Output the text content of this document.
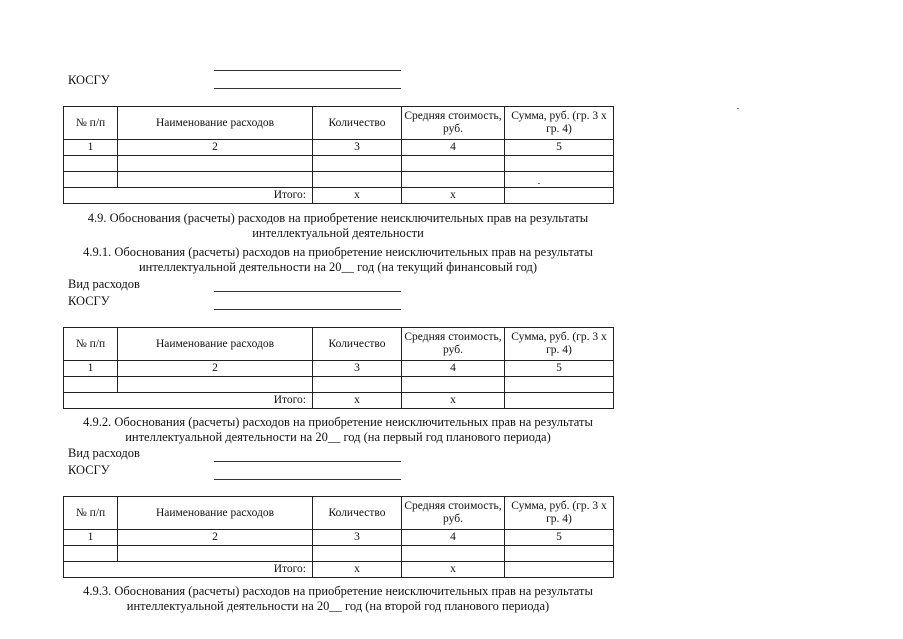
КОСГУ
№ п/п	Наименование расходов	Количество	Средняя стоимость, руб.	Сумма, руб. (гр. 3 х гр. 4)
1	2	3	4	5

Итого:		х	х	
4.9. Обоснования (расчеты) расходов на приобретение неисключительных прав на результаты интеллектуальной деятельности
4.9.1. Обоснования (расчеты) расходов на приобретение неисключительных прав на результаты интеллектуальной деятельности на 20__ год (на текущий финансовый год)
Вид расходов
КОСГУ
№ п/п	Наименование расходов	Количество	Средняя стоимость, руб.	Сумма, руб. (гр. 3 х гр. 4)
1	2	3	4	5

Итого:		х	х	
4.9.2. Обоснования (расчеты) расходов на приобретение неисключительных прав на результаты интеллектуальной деятельности на 20__ год (на первый год планового периода)
Вид расходов
КОСГУ
№ п/п	Наименование расходов	Количество	Средняя стоимость, руб.	Сумма, руб. (гр. 3 х гр. 4)
1	2	3	4	5

Итого:		х	х	
4.9.3. Обоснования (расчеты) расходов на приобретение неисключительных прав на результаты интеллектуальной деятельности на 20__ год (на второй год планового периода)
